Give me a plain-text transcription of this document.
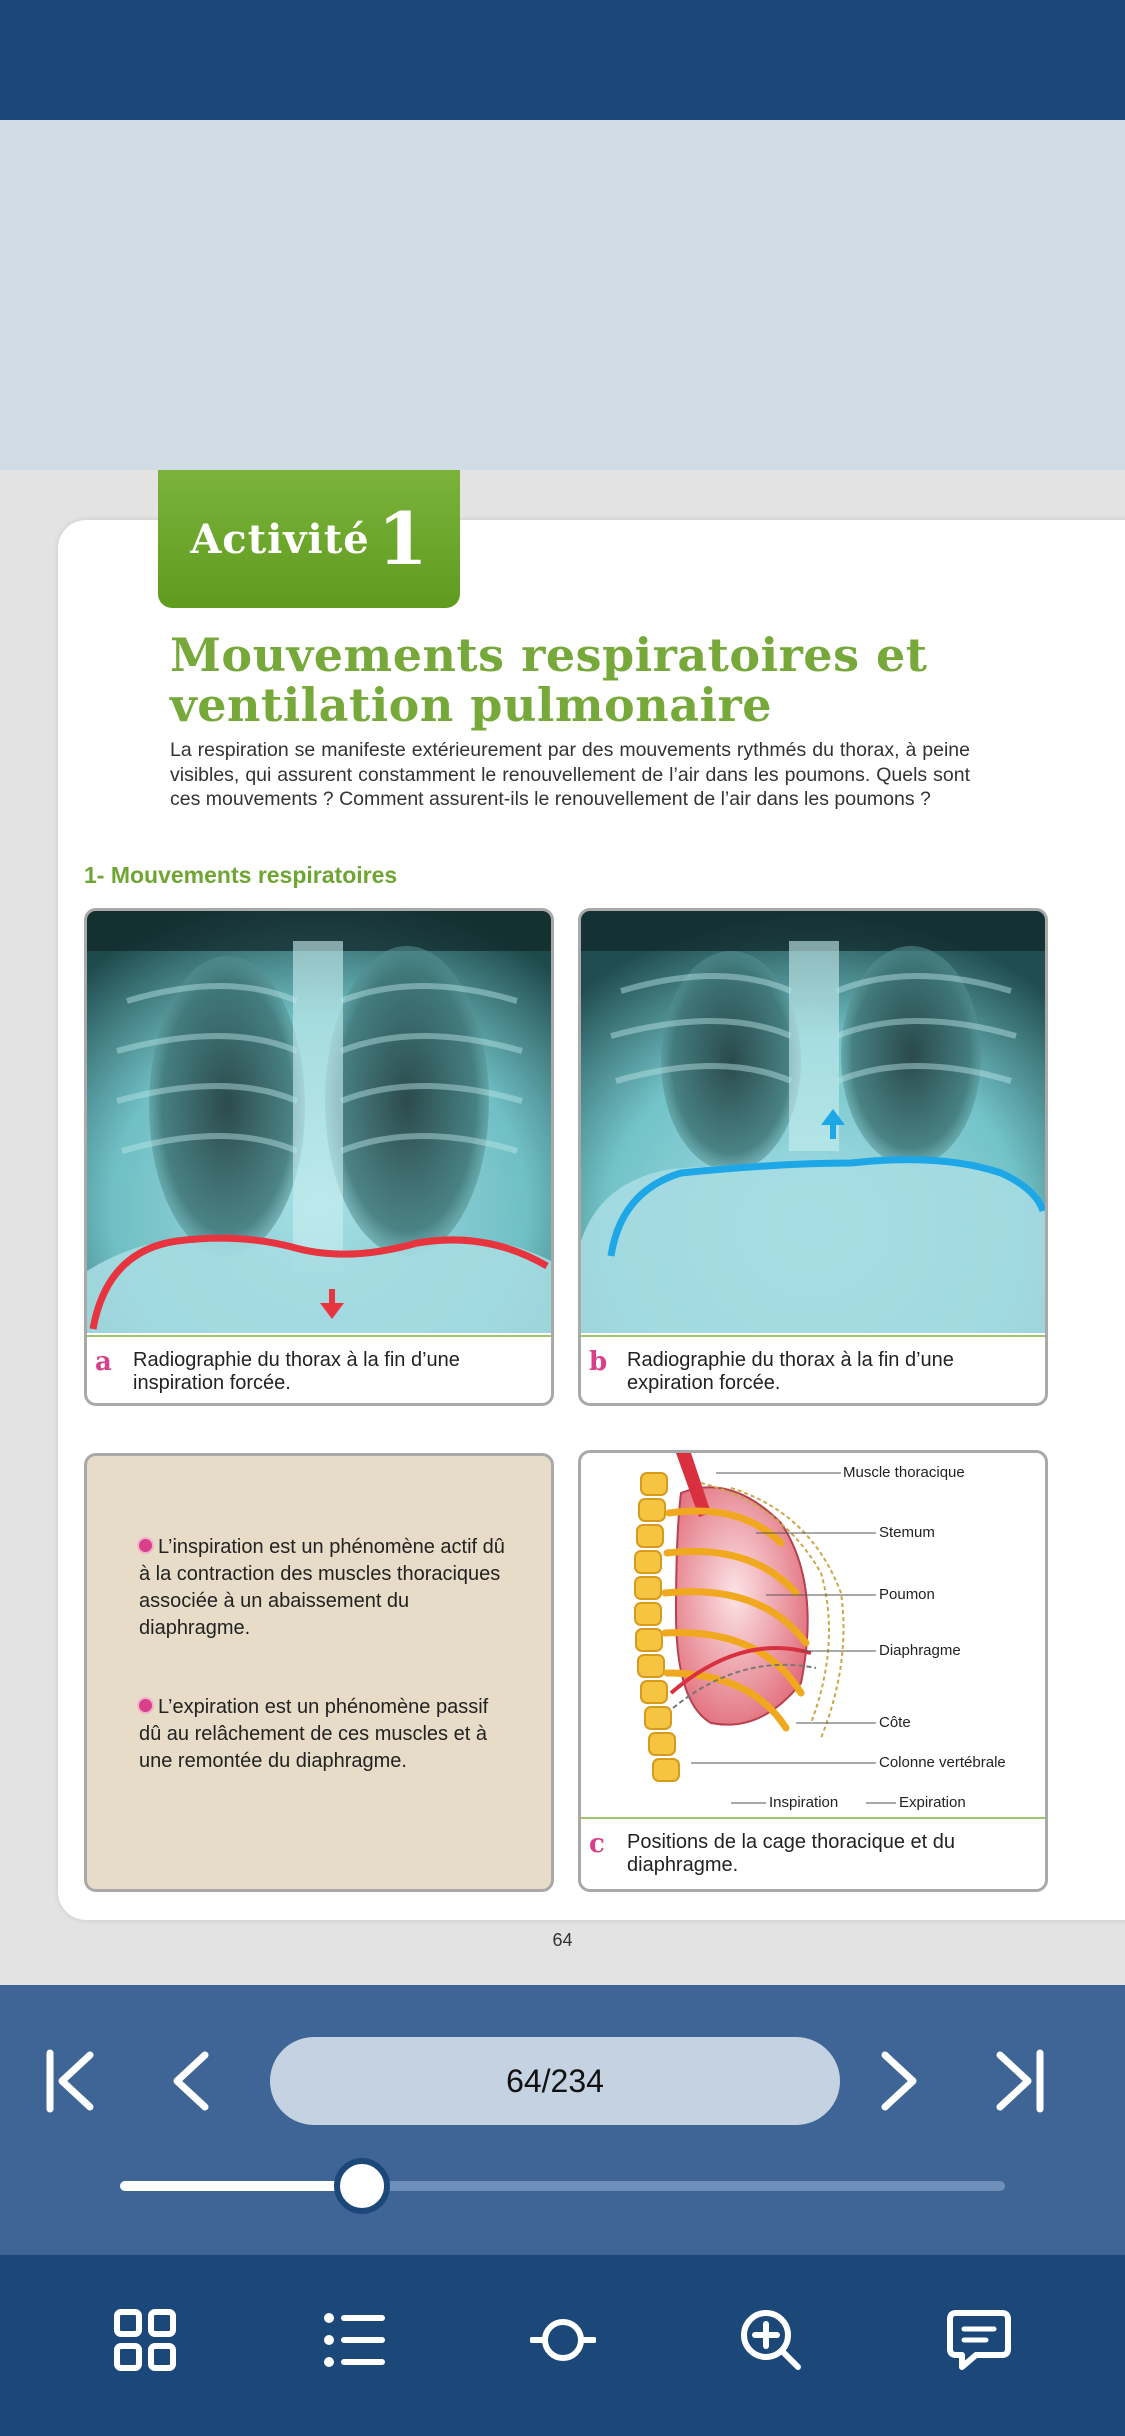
Activité 1
Mouvements respiratoires et
ventilation pulmonaire
La respiration se manifeste extérieurement par des mouvements rythmés du thorax, à peine visibles, qui assurent constamment le renouvellement de l’air dans les poumons. Quels sont ces mouvements ? Comment assurent-ils le renouvellement de l’air dans les poumons ?
1- Mouvements respiratoires
a Radiographie du thorax à la fin d’une inspiration forcée.
b Radiographie du thorax à la fin d’une expiration forcée.
L’inspiration est un phénomène actif dû à la contraction des muscles thoraciques associée à un abaissement du diaphragme.
L’expiration est un phénomène passif dû au relâchement de ces muscles et à une remontée du diaphragme.
Muscle thoracique
Stemum
Poumon
Diaphragme
Côte
Colonne vertébrale
Inspiration	Expiration
c Positions de la cage thoracique et du diaphragme.
64
64/234
